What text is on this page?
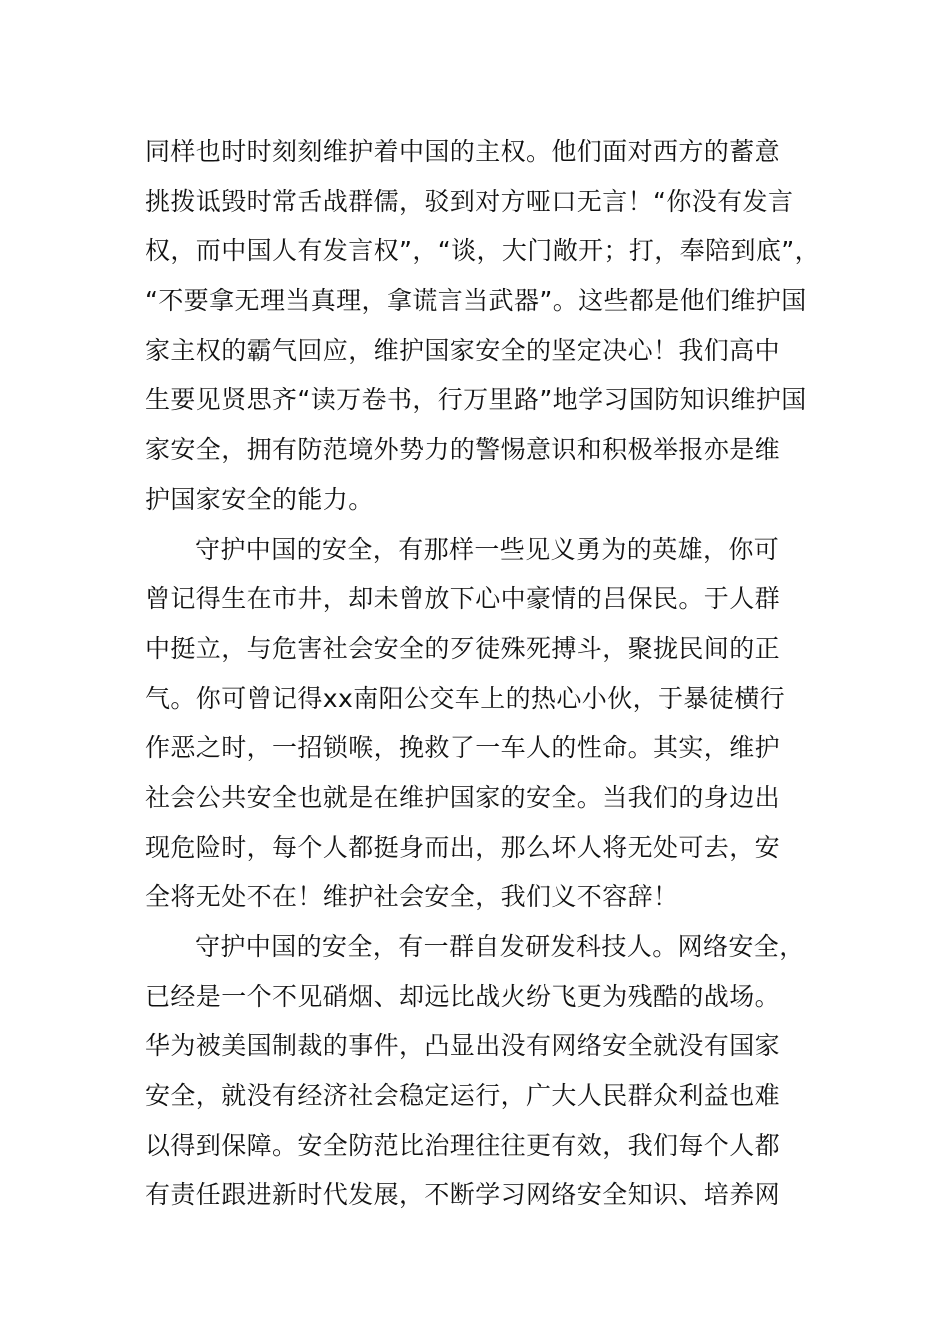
同样也时时刻刻维护着中国的主权。他们面对西方的蓄意
挑拨诋毁时常舌战群儒，驳到对方哑口无言！“你没有发言
权，而中国人有发言权”，“谈，大门敞开；打，奉陪到底”，
“不要拿无理当真理，拿谎言当武器”。这些都是他们维护国
家主权的霸气回应，维护国家安全的坚定决心！我们高中
生要见贤思齐“读万卷书，行万里路”地学习国防知识维护国
家安全，拥有防范境外势力的警惕意识和积极举报亦是维
护国家安全的能力。
守护中国的安全，有那样一些见义勇为的英雄，你可
曾记得生在市井，却未曾放下心中豪情的吕保民。于人群
中挺立，与危害社会安全的歹徒殊死搏斗，聚拢民间的正
气。你可曾记得xx南阳公交车上的热心小伙，于暴徒横行
作恶之时，一招锁喉，挽救了一车人的性命。其实，维护
社会公共安全也就是在维护国家的安全。当我们的身边出
现危险时，每个人都挺身而出，那么坏人将无处可去，安
全将无处不在！维护社会安全，我们义不容辞！
守护中国的安全，有一群自发研发科技人。网络安全，
已经是一个不见硝烟、却远比战火纷飞更为残酷的战场。
华为被美国制裁的事件，凸显出没有网络安全就没有国家
安全，就没有经济社会稳定运行，广大人民群众利益也难
以得到保障。安全防范比治理往往更有效，我们每个人都
有责任跟进新时代发展，不断学习网络安全知识、培养网
